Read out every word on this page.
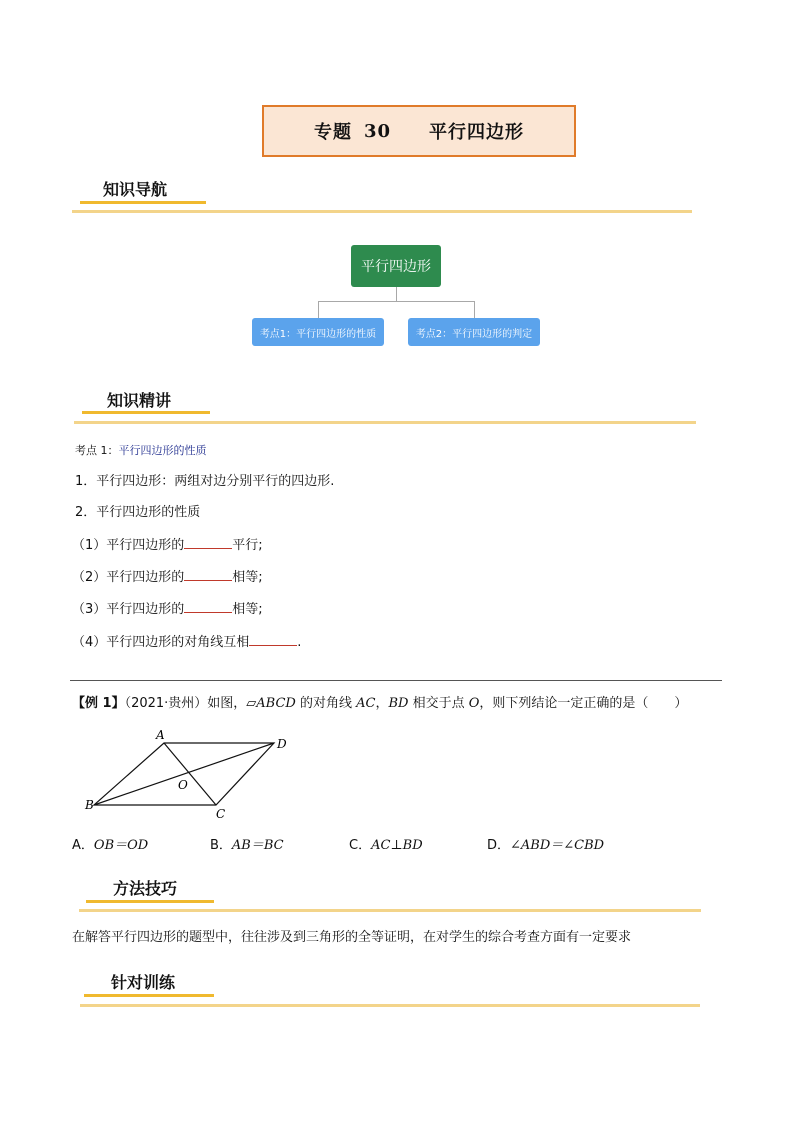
专题 30 平行四边形
知识导航
平行四边形
考点1：平行四边形的性质	考点2：平行四边形的判定
知识精讲
考点 1：平行四边形的性质
1．平行四边形：两组对边分别平行的四边形.
2．平行四边形的性质
（1）平行四边形的	平行;
（2）平行四边形的	相等;
（3）平行四边形的	相等;
（4）平行四边形的对角线互相	.
【例 1】（2021·贵州）如图，▱ABCD 的对角线 AC，BD 相交于点 O，则下列结论一定正确的是（　　）
A
D
B
C
O
A．OB＝OD	B．AB＝BC	C．AC⊥BD	D．∠ABD＝∠CBD
方法技巧
在解答平行四边形的题型中，往往涉及到三角形的全等证明，在对学生的综合考查方面有一定要求
针对训练
